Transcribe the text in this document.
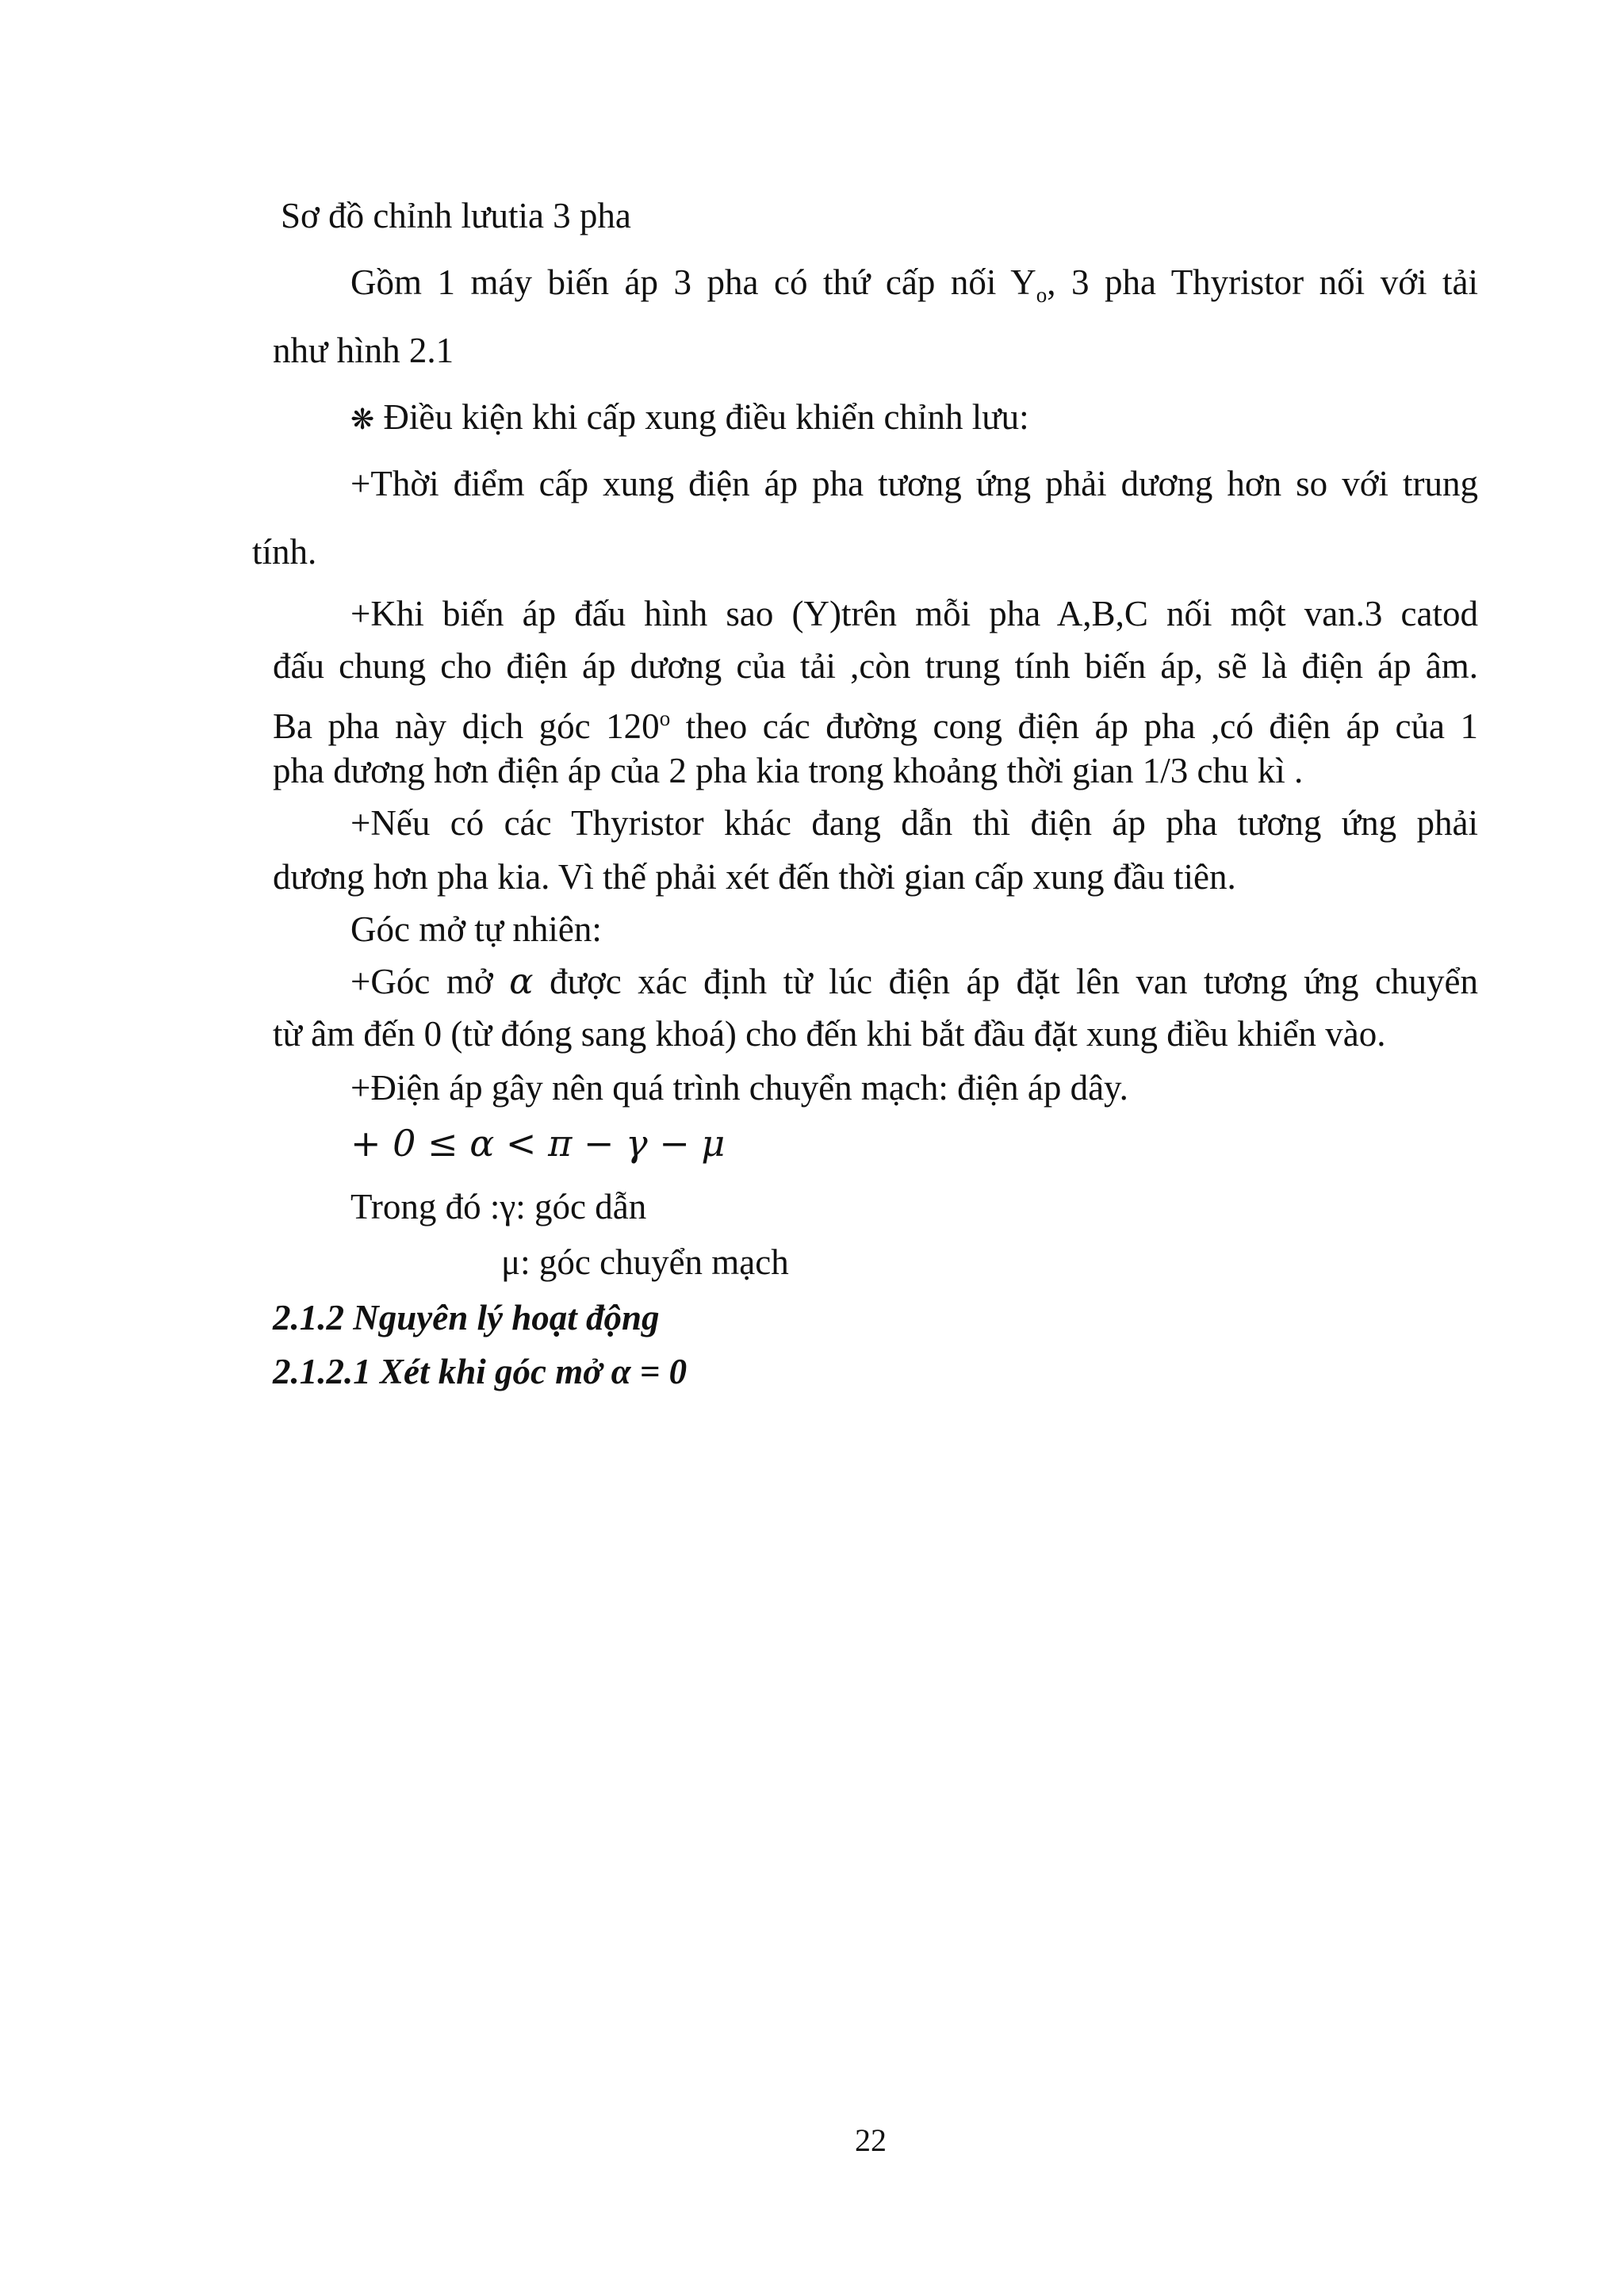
Sơ đồ chỉnh lưutia 3 pha
Gồm 1 máy biến áp 3 pha có thứ cấp nối $Y_o$, 3 pha Thyristor nối với tải
như hình 2.1
❋ Điều kiện khi cấp xung điều khiển chỉnh lưu:
+Thời điểm cấp xung điện áp pha tương ứng phải dương hơn so với trung
tính.
+Khi biến áp đấu hình sao (Y)trên mỗi pha A,B,C nối một van.3 catod
đấu chung cho điện áp dương của tải ,còn trung tính biến áp, sẽ là điện áp âm.
Ba pha này dịch góc 120$^o$ theo các đường cong điện áp pha ,có điện áp của 1
pha dương hơn điện áp của 2 pha kia trong khoảng thời gian 1/3 chu kì .
+Nếu có các Thyristor khác đang dẫn thì điện áp pha tương ứng phải
dương hơn pha kia. Vì thế phải xét đến thời gian cấp xung đầu tiên.
Góc mở tự nhiên:
+Góc mở α được xác định từ lúc điện áp đặt lên van tương ứng chuyển
từ âm đến 0 (từ đóng sang khoá) cho đến khi bắt đầu đặt xung điều khiển vào.
+Điện áp gây nên quá trình chuyển mạch: điện áp dây.
+ 0 ≤ α < π − γ − μ
Trong đó :γ: góc dẫn
μ: góc chuyển mạch
2.1.2 Nguyên lý hoạt động
2.1.2.1 Xét khi góc mở α = 0
22
